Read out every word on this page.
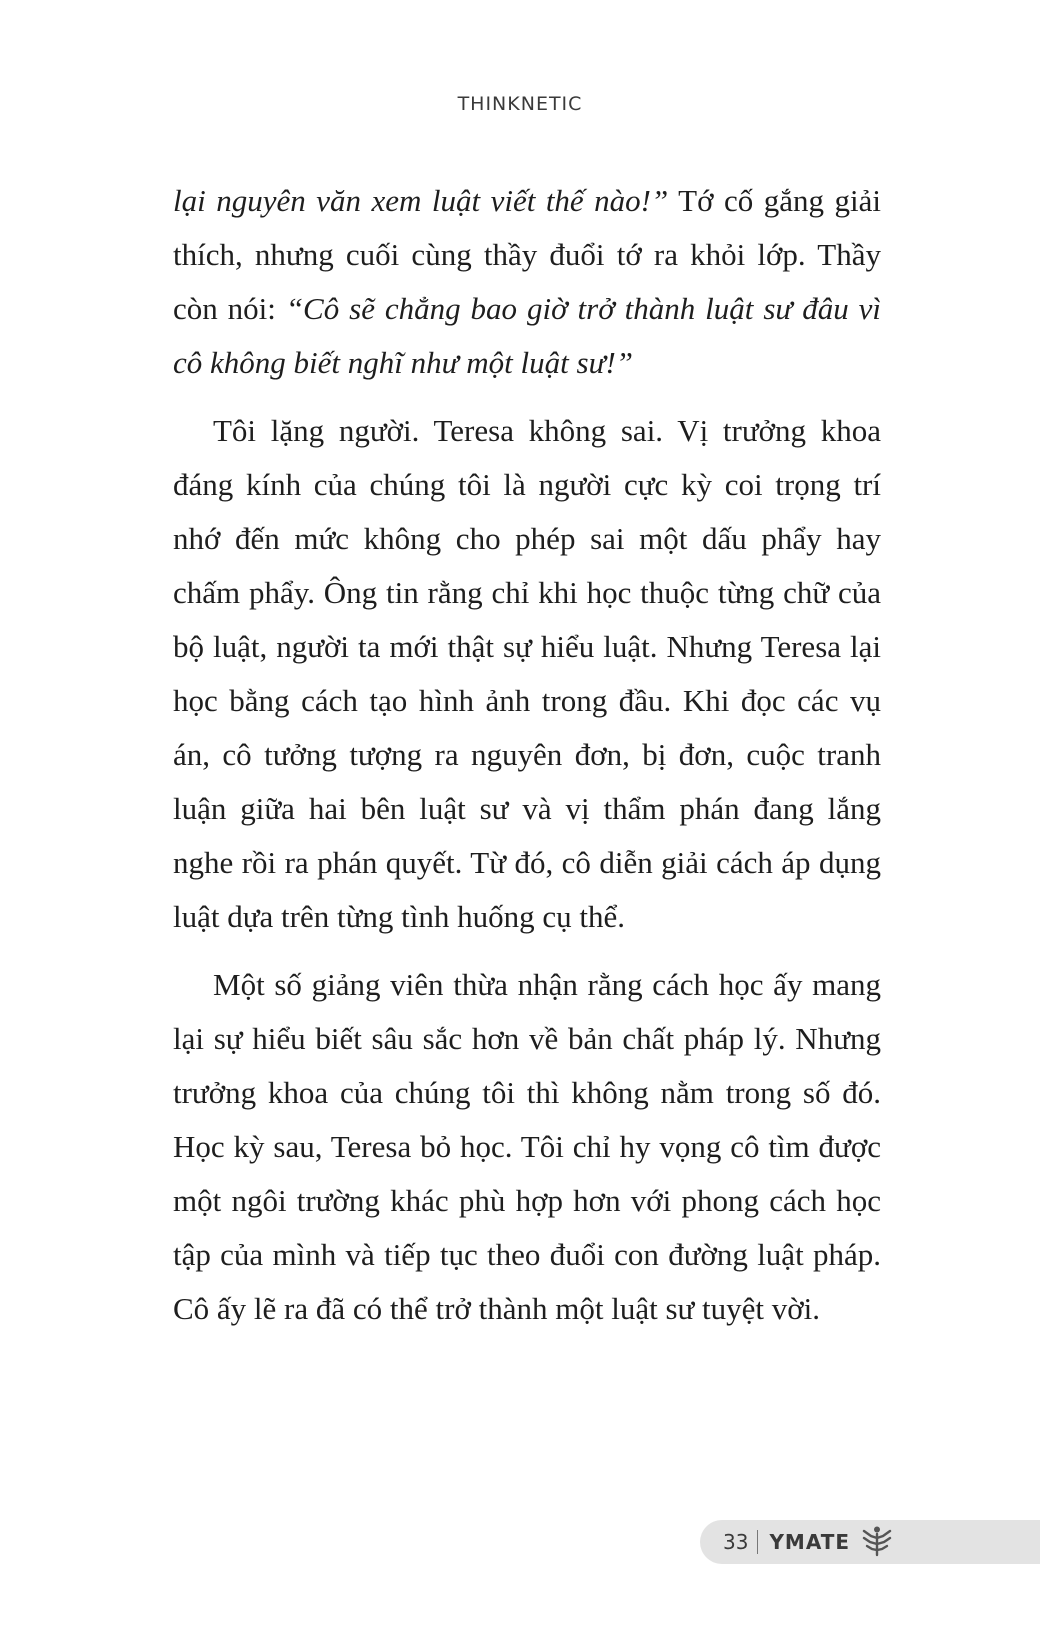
THINKNETIC

lại nguyên văn xem luật viết thế nào!” Tớ cố gắng giải thích, nhưng cuối cùng thầy đuổi tớ ra khỏi lớp. Thầy còn nói: “Cô sẽ chẳng bao giờ trở thành luật sư đâu vì cô không biết nghĩ như một luật sư!”

Tôi lặng người. Teresa không sai. Vị trưởng khoa đáng kính của chúng tôi là người cực kỳ coi trọng trí nhớ đến mức không cho phép sai một dấu phẩy hay chấm phẩy. Ông tin rằng chỉ khi học thuộc từng chữ của bộ luật, người ta mới thật sự hiểu luật. Nhưng Teresa lại học bằng cách tạo hình ảnh trong đầu. Khi đọc các vụ án, cô tưởng tượng ra nguyên đơn, bị đơn, cuộc tranh luận giữa hai bên luật sư và vị thẩm phán đang lắng nghe rồi ra phán quyết. Từ đó, cô diễn giải cách áp dụng luật dựa trên từng tình huống cụ thể.

Một số giảng viên thừa nhận rằng cách học ấy mang lại sự hiểu biết sâu sắc hơn về bản chất pháp lý. Nhưng trưởng khoa của chúng tôi thì không nằm trong số đó. Học kỳ sau, Teresa bỏ học. Tôi chỉ hy vọng cô tìm được một ngôi trường khác phù hợp hơn với phong cách học tập của mình và tiếp tục theo đuổi con đường luật pháp. Cô ấy lẽ ra đã có thể trở thành một luật sư tuyệt vời.

33 YMATE
